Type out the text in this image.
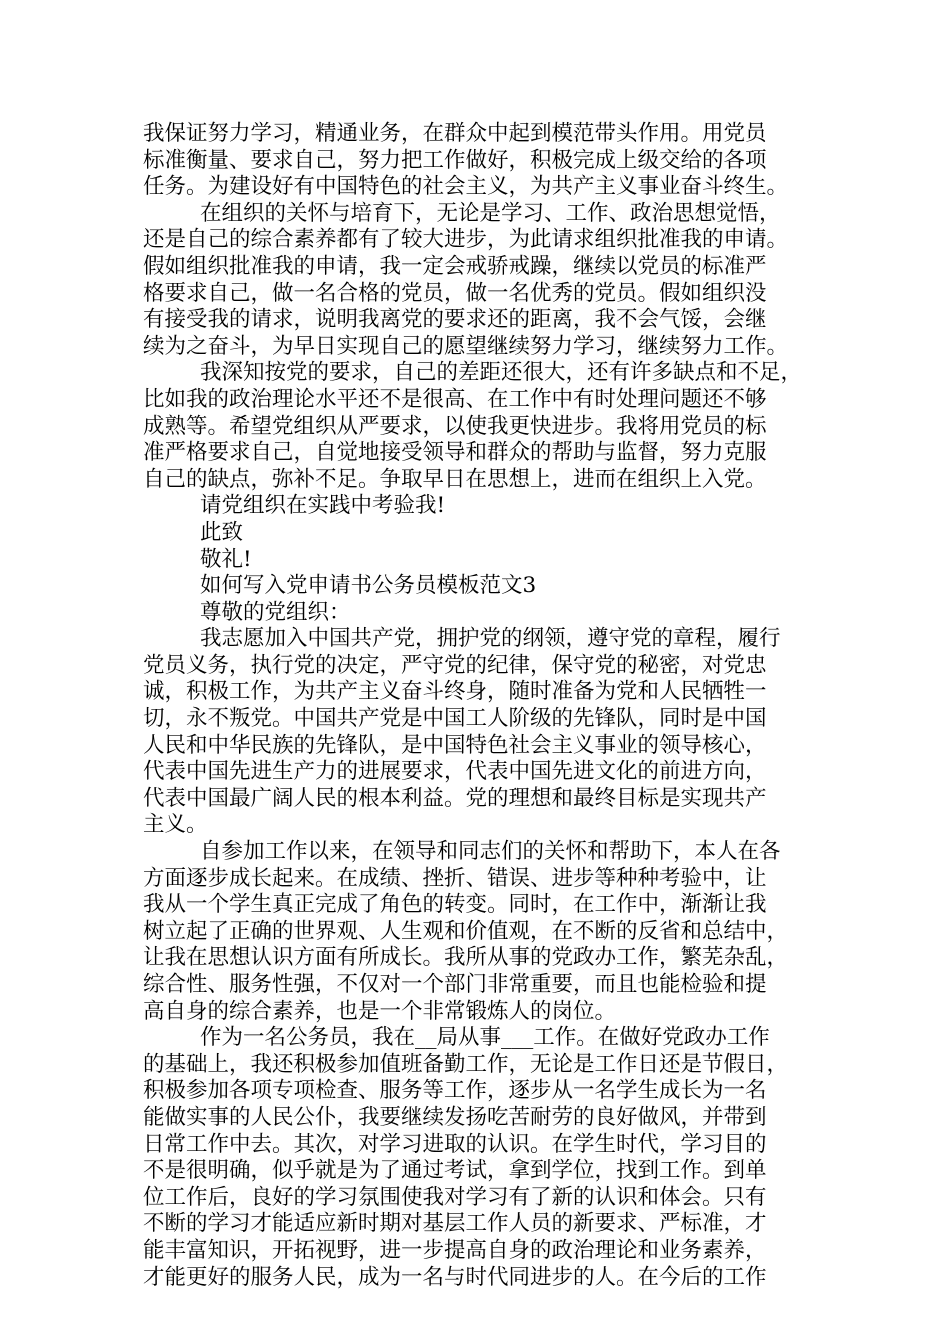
我保证努力学习，精通业务，在群众中起到模范带头作用。用党员
标准衡量、要求自己，努力把工作做好，积极完成上级交给的各项
任务。为建设好有中国特色的社会主义，为共产主义事业奋斗终生。
在组织的关怀与培育下，无论是学习、工作、政治思想觉悟，
还是自己的综合素养都有了较大进步，为此请求组织批准我的申请。
假如组织批准我的申请，我一定会戒骄戒躁，继续以党员的标准严
格要求自己，做一名合格的党员，做一名优秀的党员。假如组织没
有接受我的请求，说明我离党的要求还的距离，我不会气馁，会继
续为之奋斗，为早日实现自己的愿望继续努力学习，继续努力工作。
我深知按党的要求，自己的差距还很大，还有许多缺点和不足，
比如我的政治理论水平还不是很高、在工作中有时处理问题还不够
成熟等。希望党组织从严要求，以使我更快进步。我将用党员的标
准严格要求自己，自觉地接受领导和群众的帮助与监督，努力克服
自己的缺点，弥补不足。争取早日在思想上，进而在组织上入党。
请党组织在实践中考验我!
此致
敬礼!
如何写入党申请书公务员模板范文3
尊敬的党组织：
我志愿加入中国共产党，拥护党的纲领，遵守党的章程，履行
党员义务，执行党的决定，严守党的纪律，保守党的秘密，对党忠
诚，积极工作，为共产主义奋斗终身，随时准备为党和人民牺牲一
切，永不叛党。中国共产党是中国工人阶级的先锋队，同时是中国
人民和中华民族的先锋队，是中国特色社会主义事业的领导核心，
代表中国先进生产力的进展要求，代表中国先进文化的前进方向，
代表中国最广阔人民的根本利益。党的理想和最终目标是实现共产
主义。
自参加工作以来，在领导和同志们的关怀和帮助下，本人在各
方面逐步成长起来。在成绩、挫折、错误、进步等种种考验中，让
我从一个学生真正完成了角色的转变。同时，在工作中，渐渐让我
树立起了正确的世界观、人生观和价值观，在不断的反省和总结中，
让我在思想认识方面有所成长。我所从事的党政办工作，繁芜杂乱，
综合性、服务性强，不仅对一个部门非常重要，而且也能检验和提
高自身的综合素养，也是一个非常锻炼人的岗位。
作为一名公务员，我在__局从事___工作。在做好党政办工作
的基础上，我还积极参加值班备勤工作，无论是工作日还是节假日，
积极参加各项专项检查、服务等工作，逐步从一名学生成长为一名
能做实事的人民公仆，我要继续发扬吃苦耐劳的良好做风，并带到
日常工作中去。其次，对学习进取的认识。在学生时代，学习目的
不是很明确，似乎就是为了通过考试，拿到学位，找到工作。到单
位工作后，良好的学习氛围使我对学习有了新的认识和体会。只有
不断的学习才能适应新时期对基层工作人员的新要求、严标准，才
能丰富知识，开拓视野，进一步提高自身的政治理论和业务素养，
才能更好的服务人民，成为一名与时代同进步的人。在今后的工作
